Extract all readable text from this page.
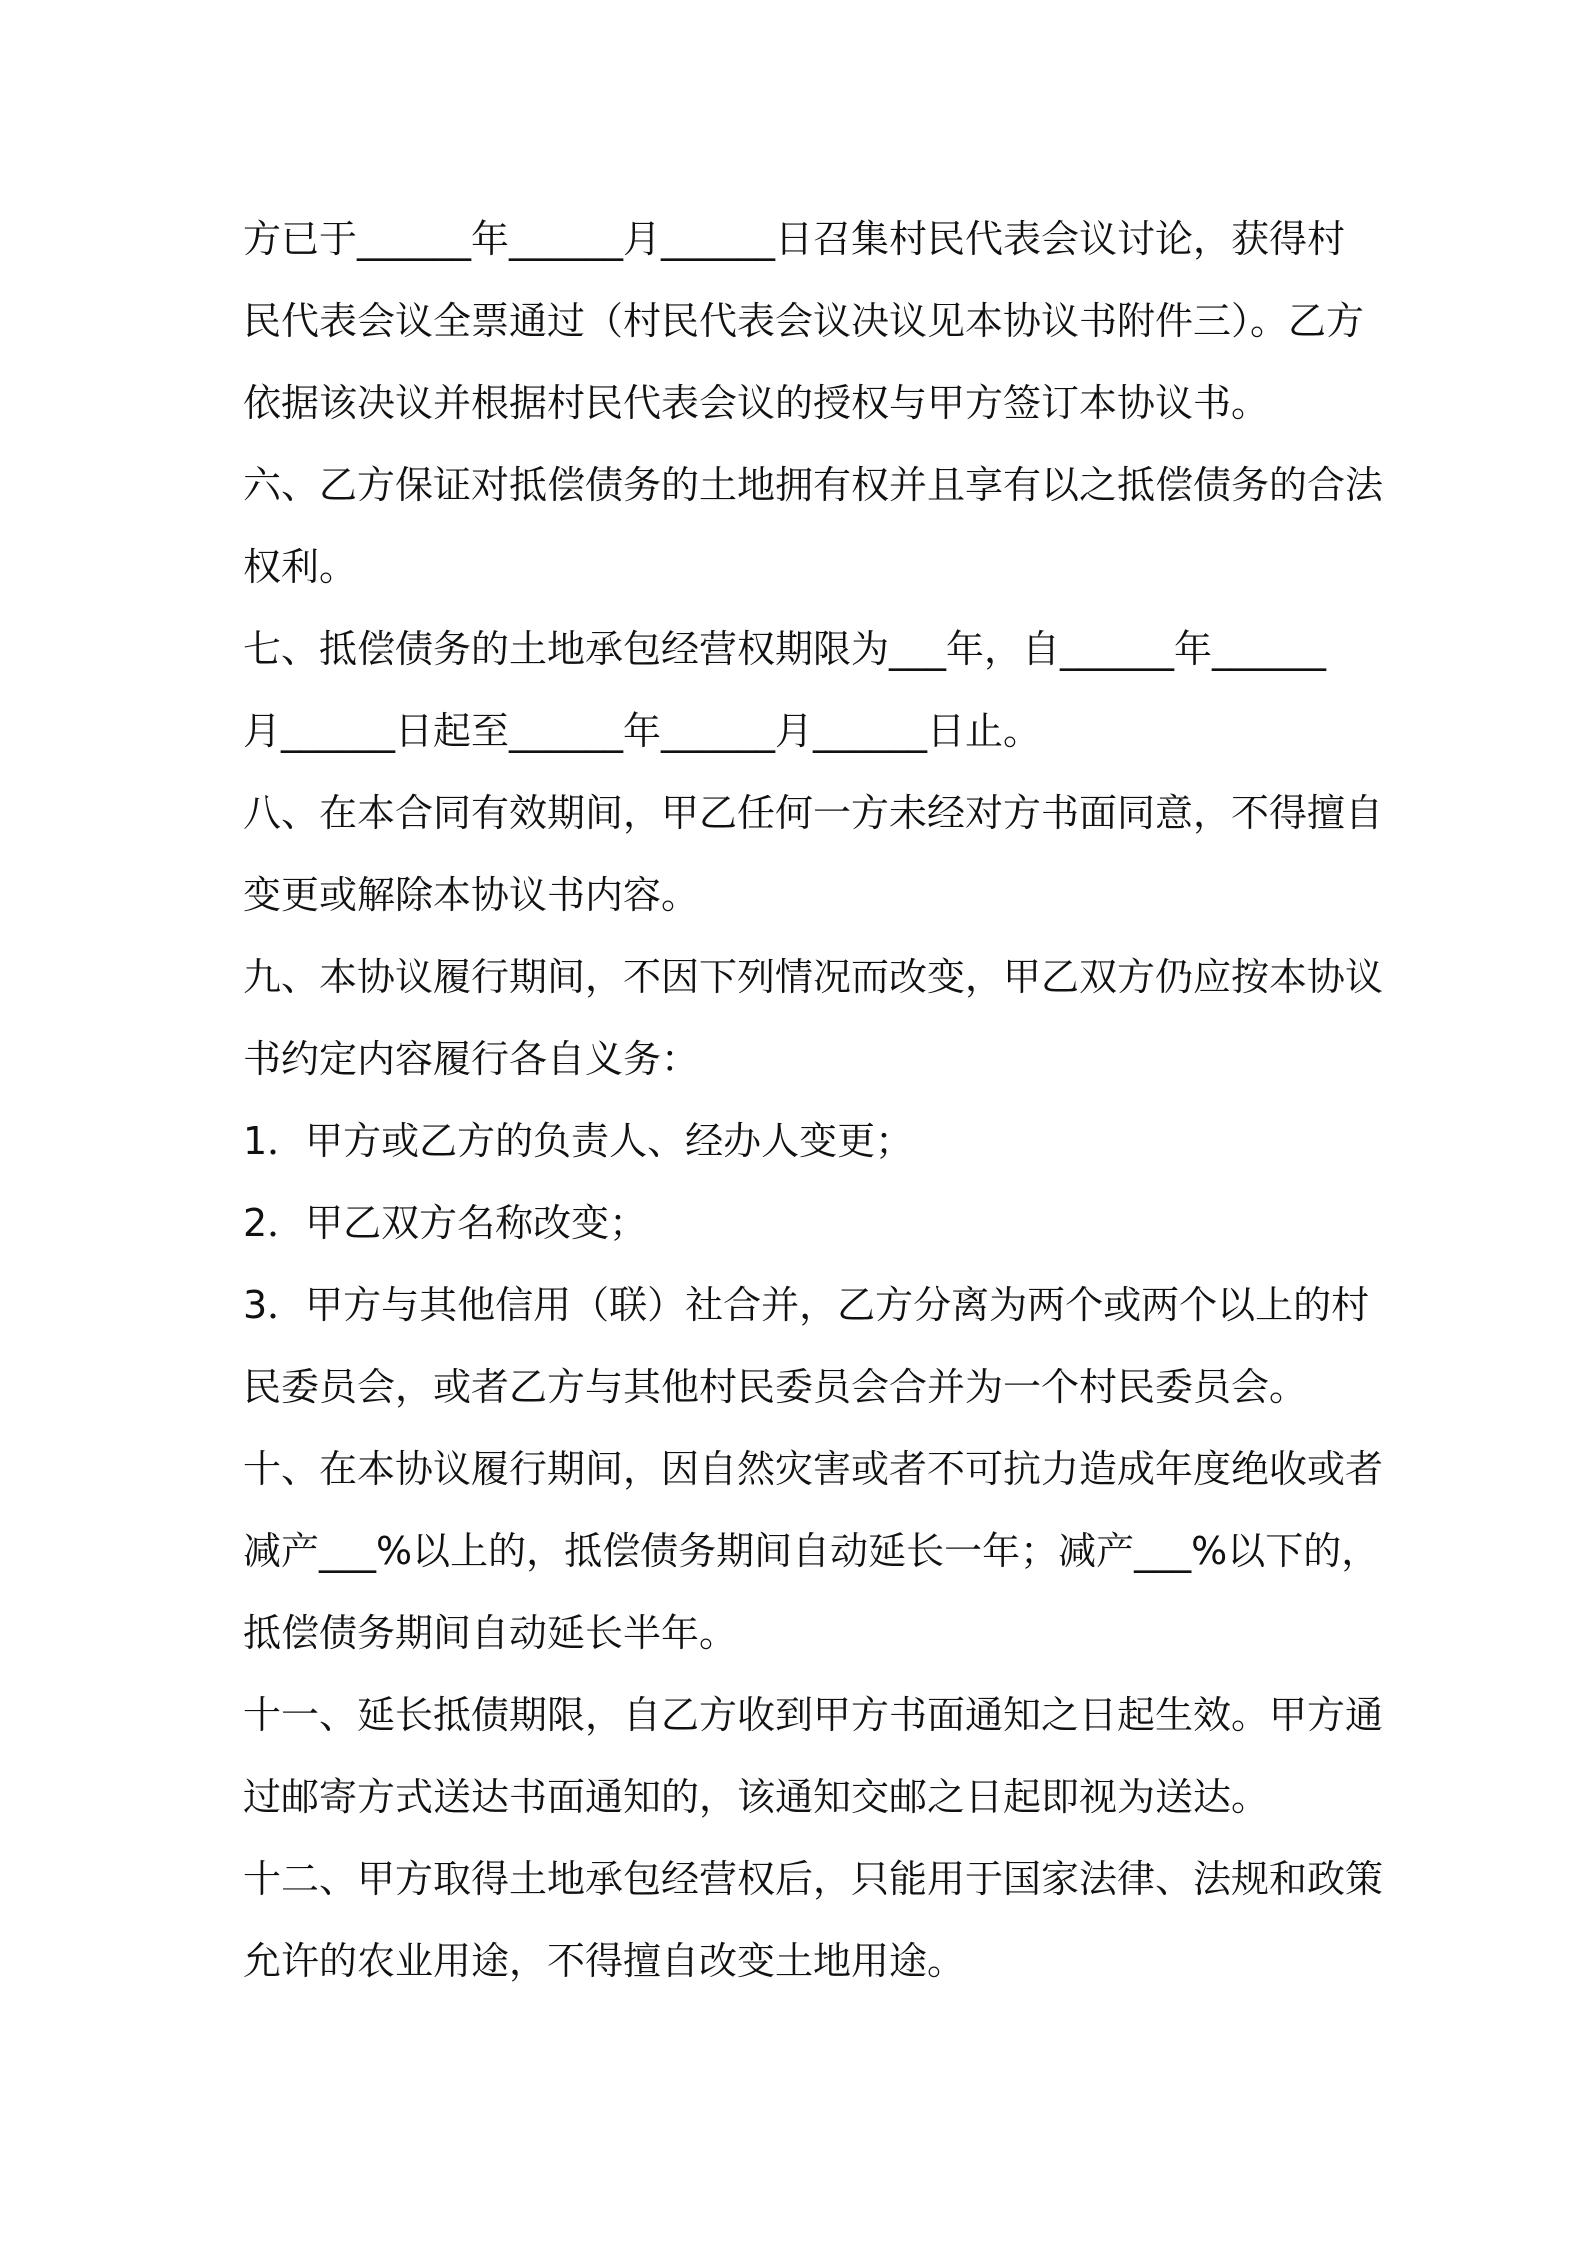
方已于______年______月______日召集村民代表会议讨论，获得村
民代表会议全票通过（村民代表会议决议见本协议书附件三）。乙方
依据该决议并根据村民代表会议的授权与甲方签订本协议书。
六、乙方保证对抵偿债务的土地拥有权并且享有以之抵偿债务的合法
权利。
七、抵偿债务的土地承包经营权期限为___年，自______年______
月______日起至______年______月______日止。
八、在本合同有效期间，甲乙任何一方未经对方书面同意，不得擅自
变更或解除本协议书内容。
九、本协议履行期间，不因下列情况而改变，甲乙双方仍应按本协议
书约定内容履行各自义务：
1．甲方或乙方的负责人、经办人变更；
2．甲乙双方名称改变；
3．甲方与其他信用（联）社合并，乙方分离为两个或两个以上的村
民委员会，或者乙方与其他村民委员会合并为一个村民委员会。
十、在本协议履行期间，因自然灾害或者不可抗力造成年度绝收或者
减产___%以上的，抵偿债务期间自动延长一年；减产___%以下的，
抵偿债务期间自动延长半年。
十一、延长抵债期限，自乙方收到甲方书面通知之日起生效。甲方通
过邮寄方式送达书面通知的，该通知交邮之日起即视为送达。
十二、甲方取得土地承包经营权后，只能用于国家法律、法规和政策
允许的农业用途，不得擅自改变土地用途。
